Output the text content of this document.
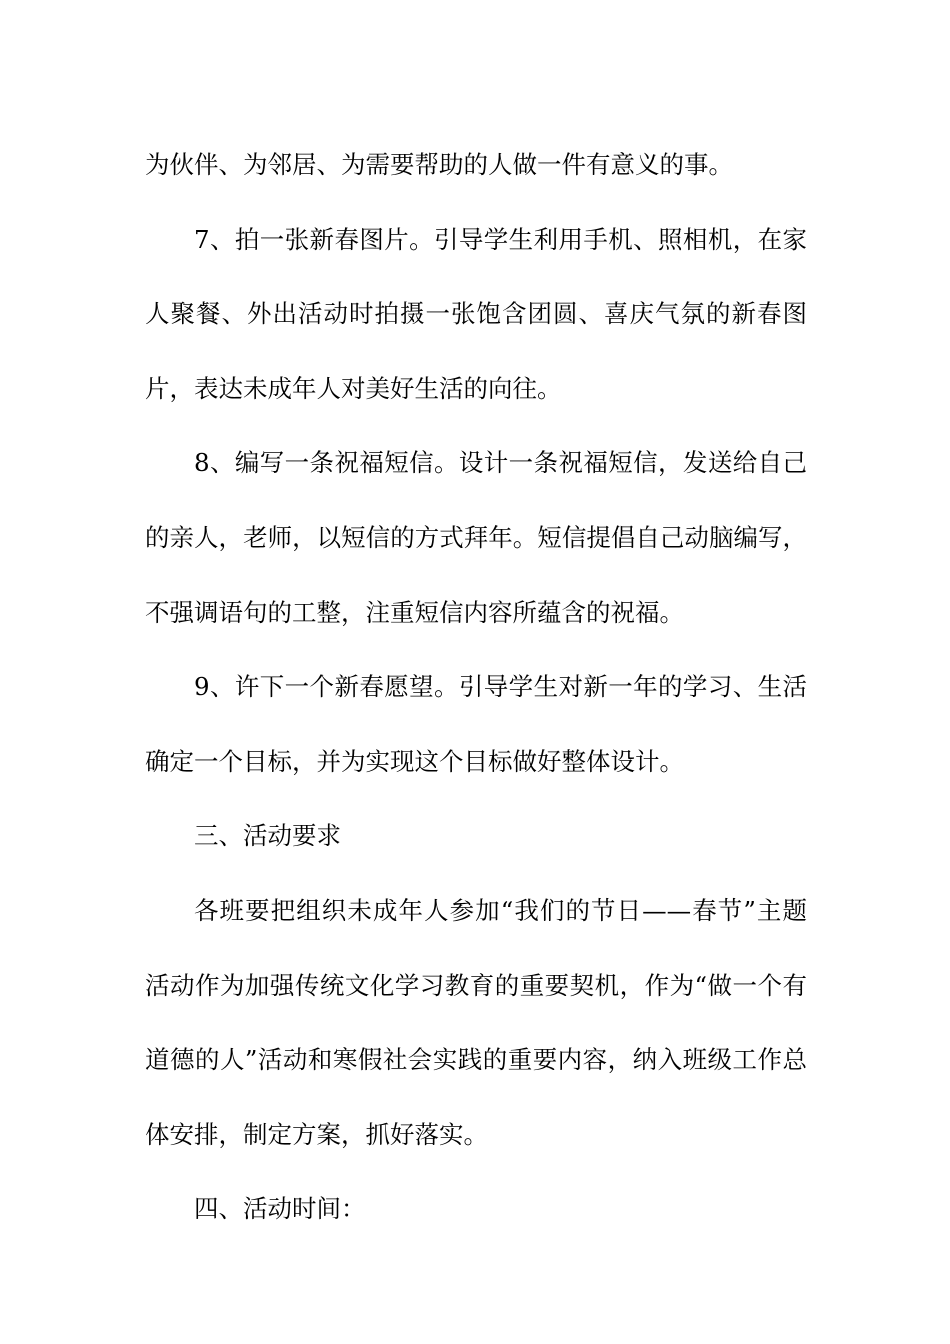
为伙伴、为邻居、为需要帮助的人做一件有意义的事。

7、拍一张新春图片。引导学生利用手机、照相机，在家人聚餐、外出活动时拍摄一张饱含团圆、喜庆气氛的新春图片，表达未成年人对美好生活的向往。

8、编写一条祝福短信。设计一条祝福短信，发送给自己的亲人，老师，以短信的方式拜年。短信提倡自己动脑编写，不强调语句的工整，注重短信内容所蕴含的祝福。

9、许下一个新春愿望。引导学生对新一年的学习、生活确定一个目标，并为实现这个目标做好整体设计。

三、活动要求

各班要把组织未成年人参加“我们的节日——春节”主题活动作为加强传统文化学习教育的重要契机，作为“做一个有道德的人”活动和寒假社会实践的重要内容，纳入班级工作总体安排，制定方案，抓好落实。

四、活动时间：
